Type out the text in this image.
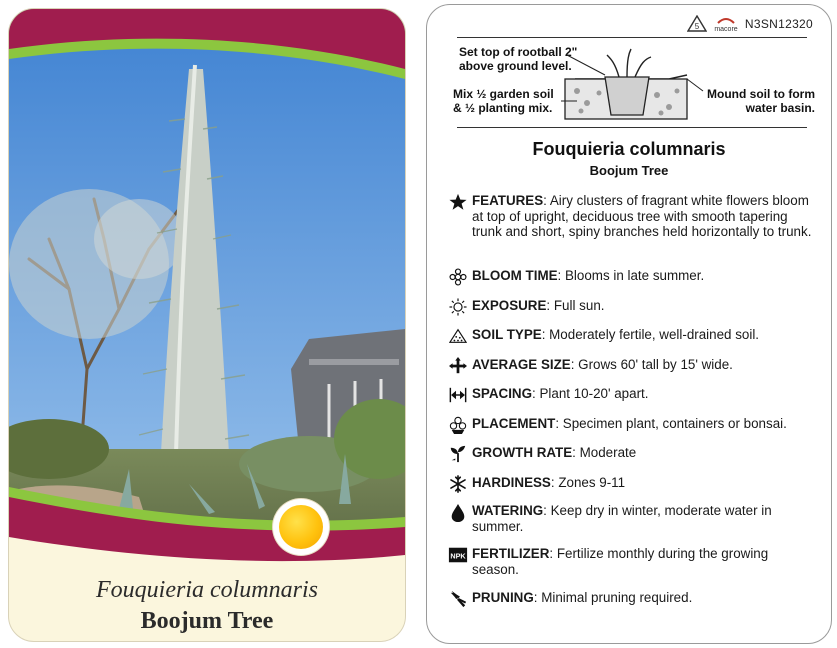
Fouquieria columnaris
Boojum Tree
5 macore N3SN12320
Set top of rootball 2" above ground level.
Mix ½ garden soil & ½ planting mix.
Mound soil to form water basin.
Fouquieria columnaris
Boojum Tree
FEATURES: Airy clusters of fragrant white flowers bloom at top of upright, deciduous tree with smooth tapering trunk and short, spiny branches held horizontally to trunk.
BLOOM TIME: Blooms in late summer.
EXPOSURE: Full sun.
SOIL TYPE: Moderately fertile, well-drained soil.
AVERAGE SIZE: Grows 60' tall by 15' wide.
SPACING: Plant 10-20' apart.
PLACEMENT: Specimen plant, containers or bonsai.
GROWTH RATE: Moderate
HARDINESS: Zones 9-11
WATERING: Keep dry in winter, moderate water in summer.
NPK FERTILIZER: Fertilize monthly during the growing season.
PRUNING: Minimal pruning required.
